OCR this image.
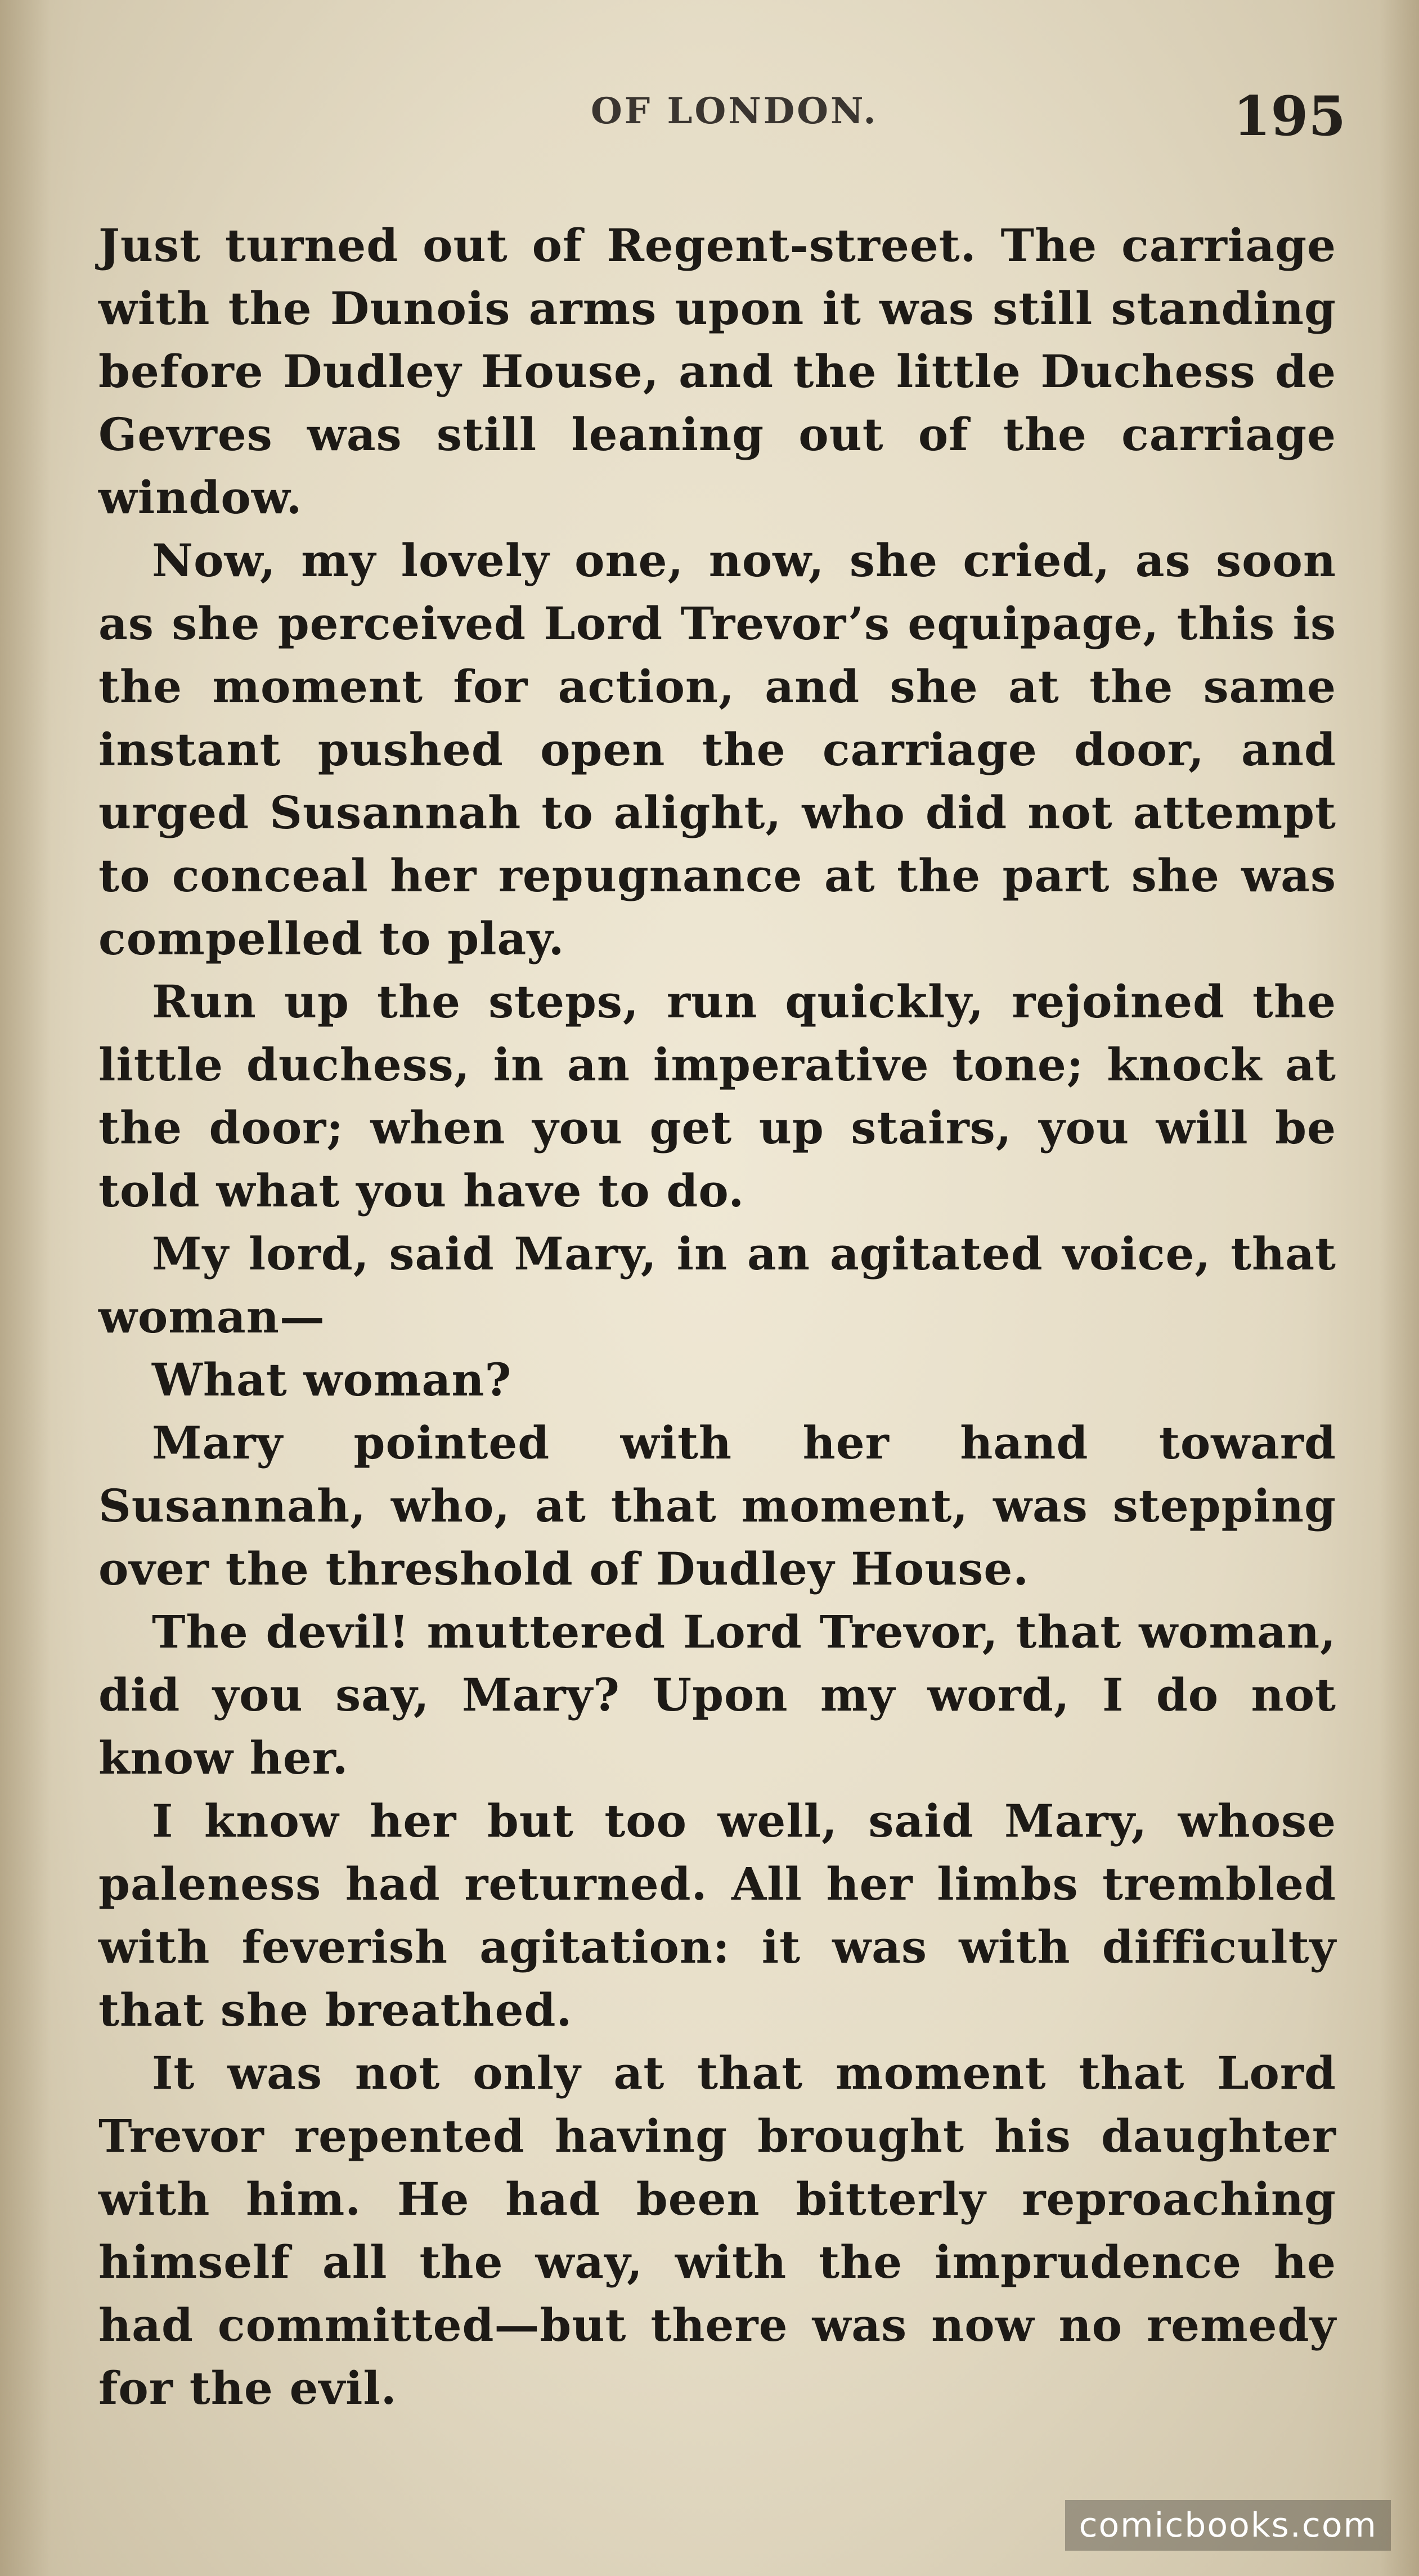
OF LONDON.	195

Just turned out of Regent-street. The carriage with the Dunois arms upon it was still standing before Dudley House, and the little Duchess de Gevres was still leaning out of the carriage window.

Now, my lovely one, now, she cried, as soon as she perceived Lord Trevor’s equipage, this is the moment for action, and she at the same instant pushed open the carriage door, and urged Susannah to alight, who did not attempt to conceal her repugnance at the part she was compelled to play.

Run up the steps, run quickly, rejoined the little duchess, in an imperative tone; knock at the door; when you get up stairs, you will be told what you have to do.

My lord, said Mary, in an agitated voice, that woman—

What woman?

Mary pointed with her hand toward Susannah, who, at that moment, was stepping over the threshold of Dudley House.

The devil! muttered Lord Trevor, that woman, did you say, Mary? Upon my word, I do not know her.

I know her but too well, said Mary, whose paleness had returned. All her limbs trembled with feverish agitation: it was with difficulty that she breathed.

It was not only at that moment that Lord Trevor repented having brought his daughter with him. He had been bitterly reproaching himself all the way, with the imprudence he had committed—but there was now no remedy for the evil.

comicbooks.com
